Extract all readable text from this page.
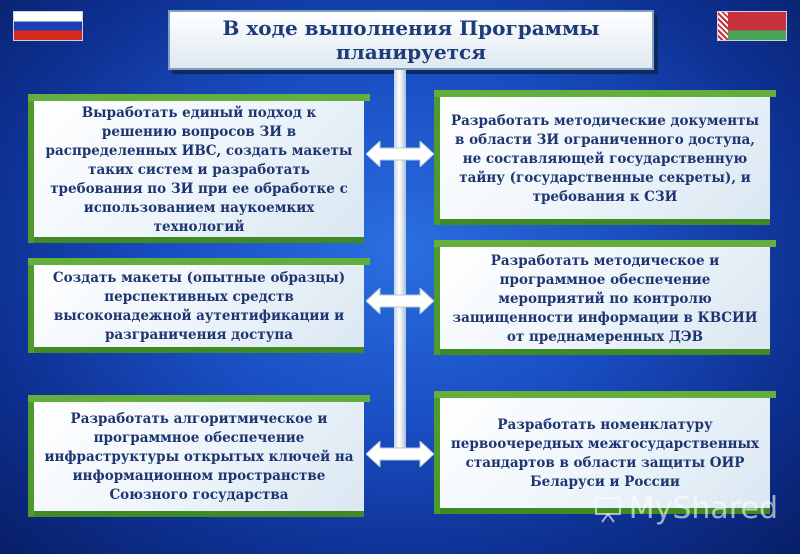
В ходе выполнения Программы планируется
Выработать единый подход к решению вопросов ЗИ в распределенных ИВС, создать макеты таких систем и разработать требования по ЗИ при ее обработке с использованием наукоемких технологий
Создать макеты (опытные образцы) перспективных средств высоконадежной аутентификации и разграничения доступа
Разработать алгоритмическое и программное обеспечение инфраструктуры открытых ключей на информационном пространстве Союзного государства
Разработать методические документы в области ЗИ ограниченного доступа, не составляющей государственную тайну (государственные секреты), и требования к СЗИ
Разработать методическое и программное обеспечение мероприятий по контролю защищенности информации в КВСИИ от преднамеренных ДЭВ
Разработать номенклатуру первоочередных межгосударственных стандартов в области защиты ОИР Беларуси и России
MyShared
